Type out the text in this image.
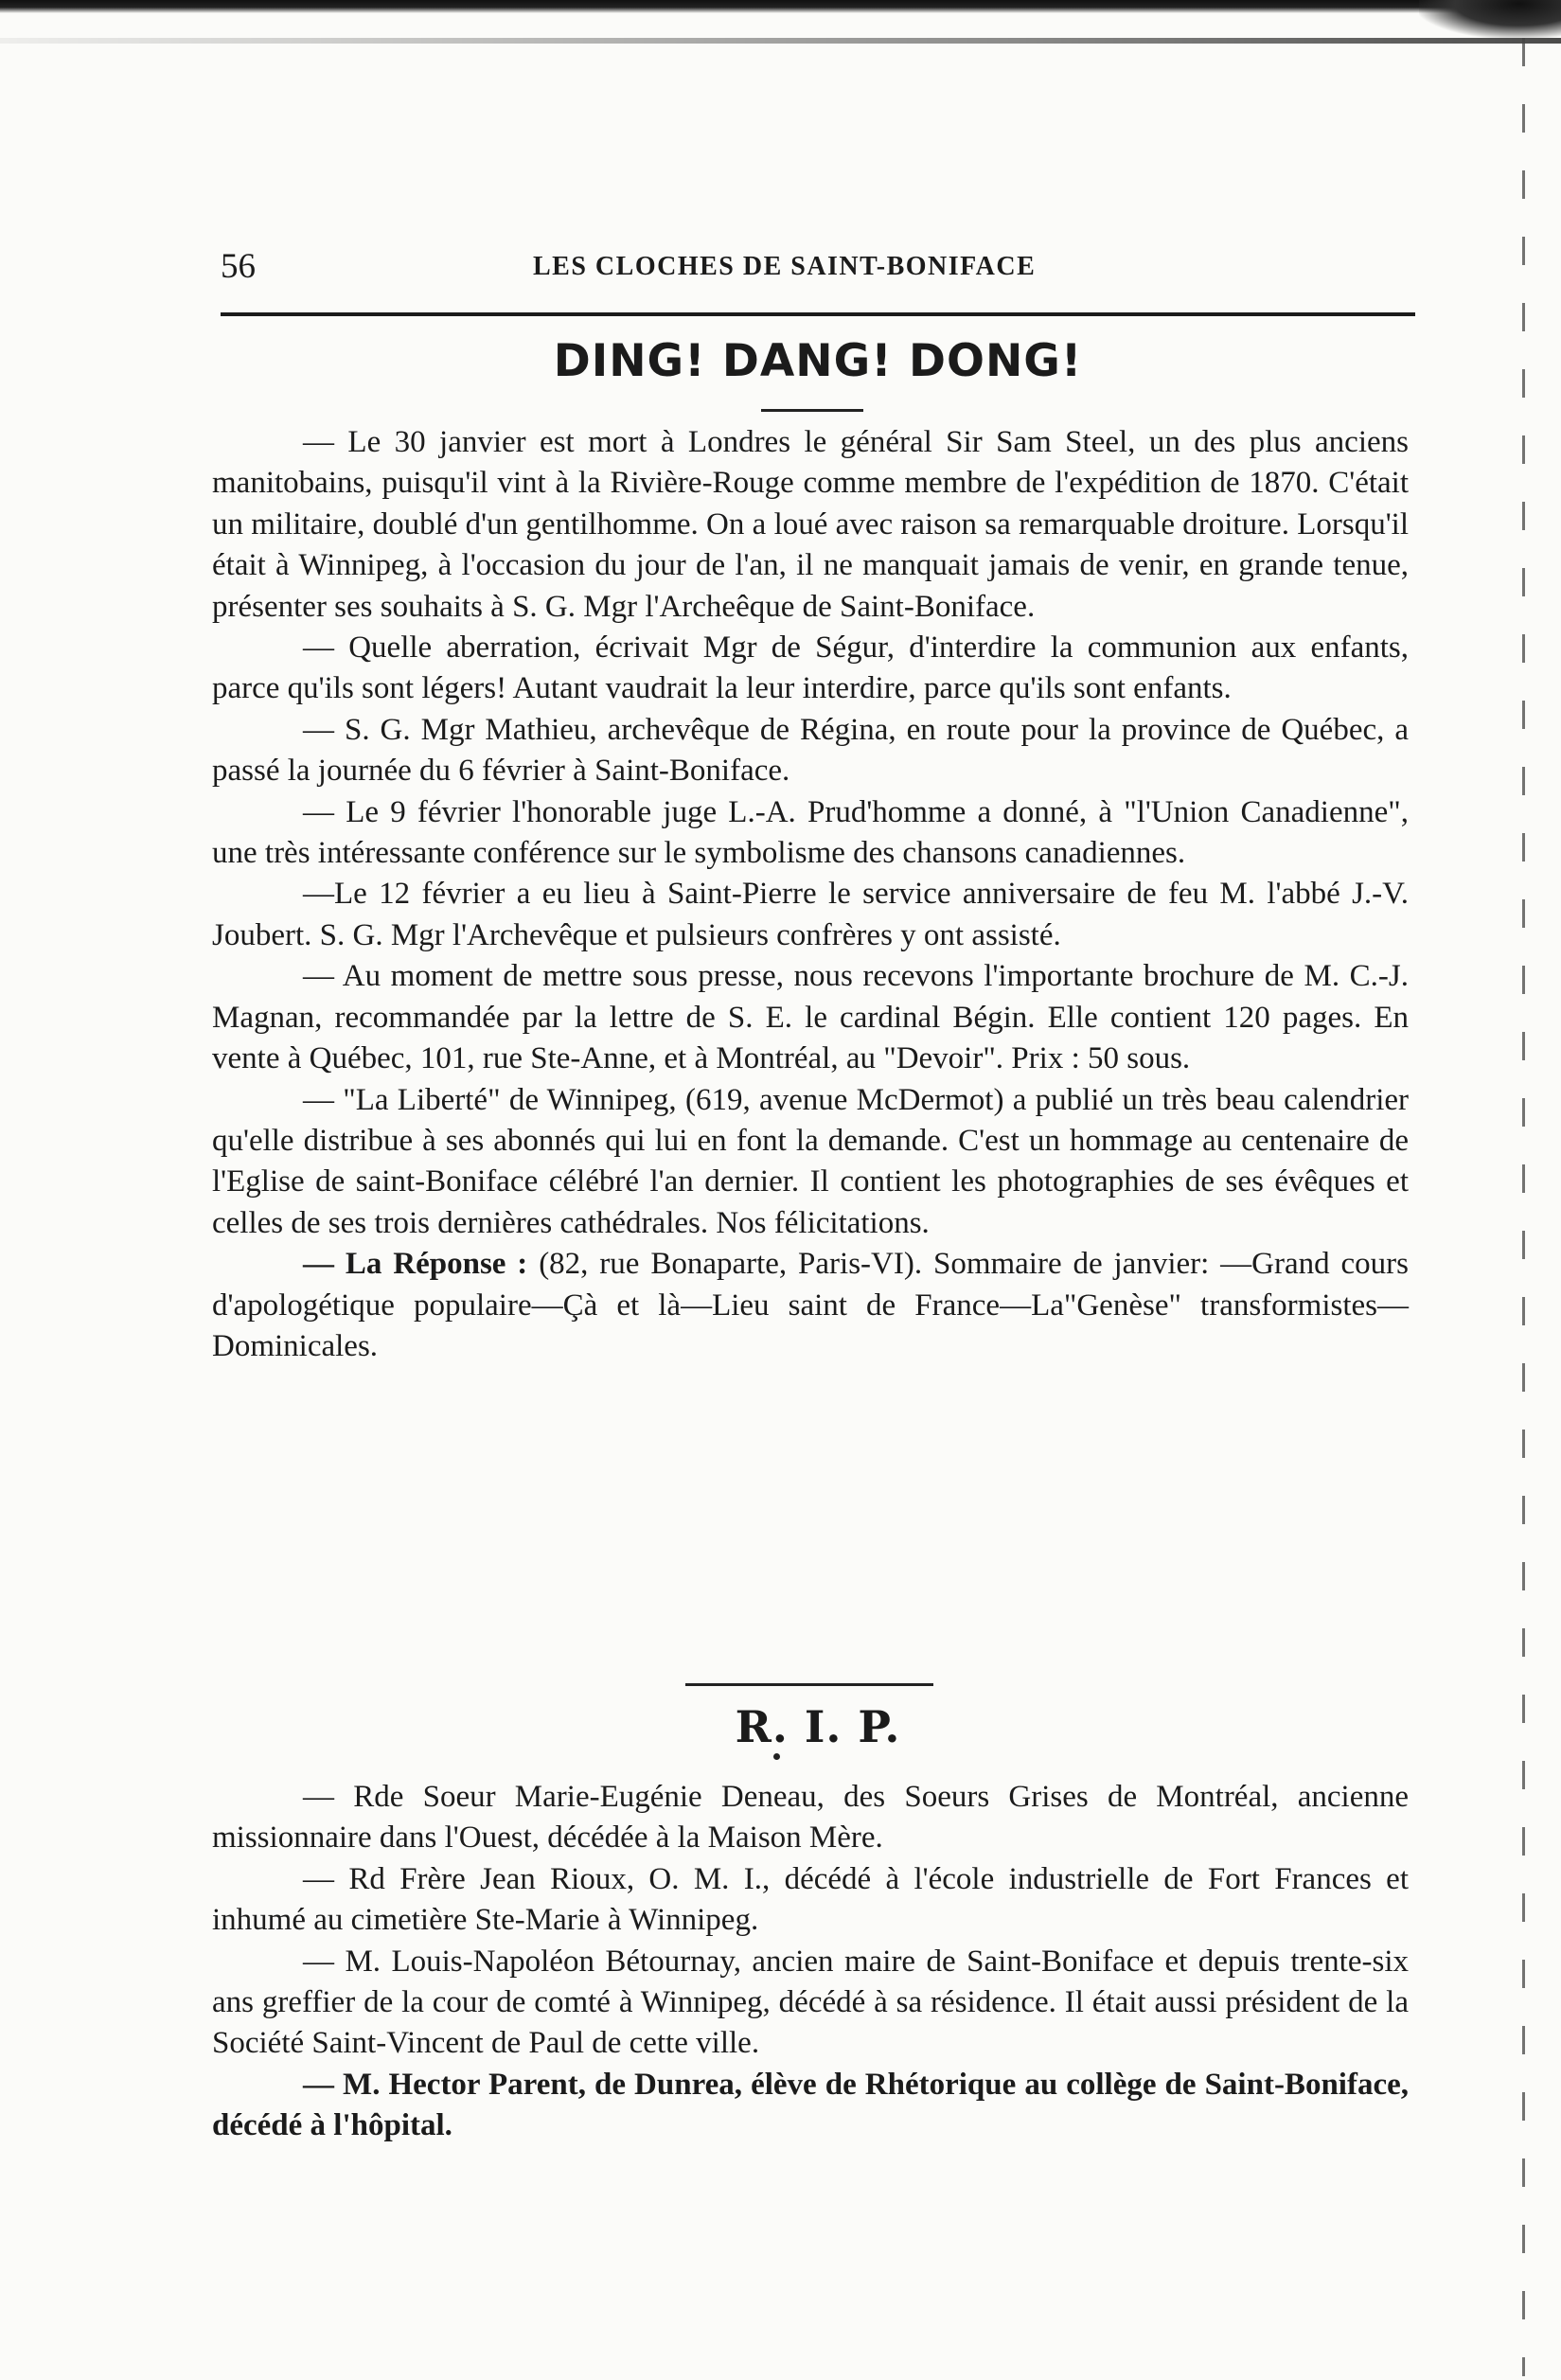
56	LES CLOCHES DE SAINT-BONIFACE
DING! DANG! DONG!

— Le 30 janvier est mort à Londres le général Sir Sam Steel, un des plus anciens manitobains, puisqu'il vint à la Rivière-Rouge comme membre de l'expédition de 1870. C'était un militaire, doublé d'un gentilhomme. On a loué avec raison sa remarquable droiture. Lorsqu'il était à Winnipeg, à l'occasion du jour de l'an, il ne manquait jamais de venir, en grande tenue, présenter ses souhaits à S. G. Mgr l'Archeêque de Saint-Boniface.

— Quelle aberration, écrivait Mgr de Ségur, d'interdire la communion aux enfants, parce qu'ils sont légers! Autant vaudrait la leur interdire, parce qu'ils sont enfants.

— S. G. Mgr Mathieu, archevêque de Régina, en route pour la province de Québec, a passé la journée du 6 février à Saint-Boniface.

— Le 9 février l'honorable juge L.-A. Prud'homme a donné, à "l'Union Canadienne", une très intéressante conférence sur le symbolisme des chansons canadiennes.

—Le 12 février a eu lieu à Saint-Pierre le service anniversaire de feu M. l'abbé J.-V. Joubert. S. G. Mgr l'Archevêque et pulsieurs confrères y ont assisté.

— Au moment de mettre sous presse, nous recevons l'importante brochure de M. C.-J. Magnan, recommandée par la lettre de S. E. le cardinal Bégin. Elle contient 120 pages. En vente à Québec, 101, rue Ste-Anne, et à Montréal, au "Devoir". Prix : 50 sous.

— "La Liberté" de Winnipeg, (619, avenue McDermot) a publié un très beau calendrier qu'elle distribue à ses abonnés qui lui en font la demande. C'est un hommage au centenaire de l'Eglise de saint-Boniface célébré l'an dernier. Il contient les photographies de ses évêques et celles de ses trois dernières cathédrales. Nos félicitations.

— La Réponse : (82, rue Bonaparte, Paris-VI). Sommaire de janvier: —Grand cours d'apologétique populaire—Çà et là—Lieu saint de France—La"Genèse" transformistes—Dominicales.

R. I. P.

— Rde Soeur Marie-Eugénie Deneau, des Soeurs Grises de Montréal, ancienne missionnaire dans l'Ouest, décédée à la Maison Mère.

— Rd Frère Jean Rioux, O. M. I., décédé à l'école industrielle de Fort Frances et inhumé au cimetière Ste-Marie à Winnipeg.

— M. Louis-Napoléon Bétournay, ancien maire de Saint-Boniface et depuis trente-six ans greffier de la cour de comté à Winnipeg, décédé à sa résidence. Il était aussi président de la Société Saint-Vincent de Paul de cette ville.

— M. Hector Parent, de Dunrea, élève de Rhétorique au collège de Saint-Boniface, décédé à l'hôpital.
